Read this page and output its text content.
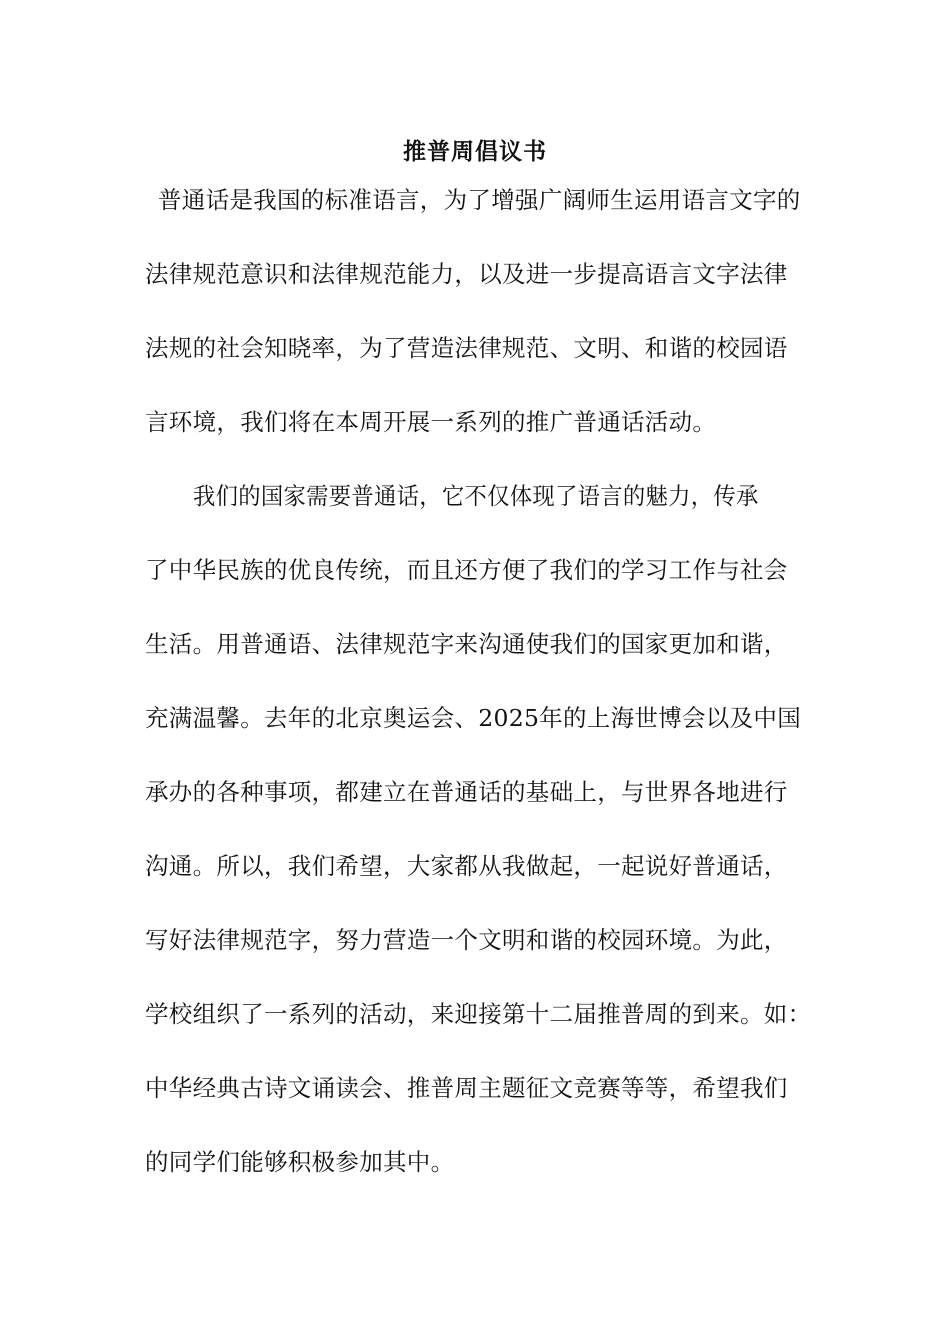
推普周倡议书
普通话是我国的标准语言，为了增强广阔师生运用语言文字的
法律规范意识和法律规范能力，以及进一步提高语言文字法律
法规的社会知晓率，为了营造法律规范、文明、和谐的校园语
言环境，我们将在本周开展一系列的推广普通话活动。
我们的国家需要普通话，它不仅体现了语言的魅力，传承
了中华民族的优良传统，而且还方便了我们的学习工作与社会
生活。用普通语、法律规范字来沟通使我们的国家更加和谐，
充满温馨。去年的北京奥运会、2025年的上海世博会以及中国
承办的各种事项，都建立在普通话的基础上，与世界各地进行
沟通。所以，我们希望，大家都从我做起，一起说好普通话，
写好法律规范字，努力营造一个文明和谐的校园环境。为此，
学校组织了一系列的活动，来迎接第十二届推普周的到来。如：
中华经典古诗文诵读会、推普周主题征文竞赛等等，希望我们
的同学们能够积极参加其中。
